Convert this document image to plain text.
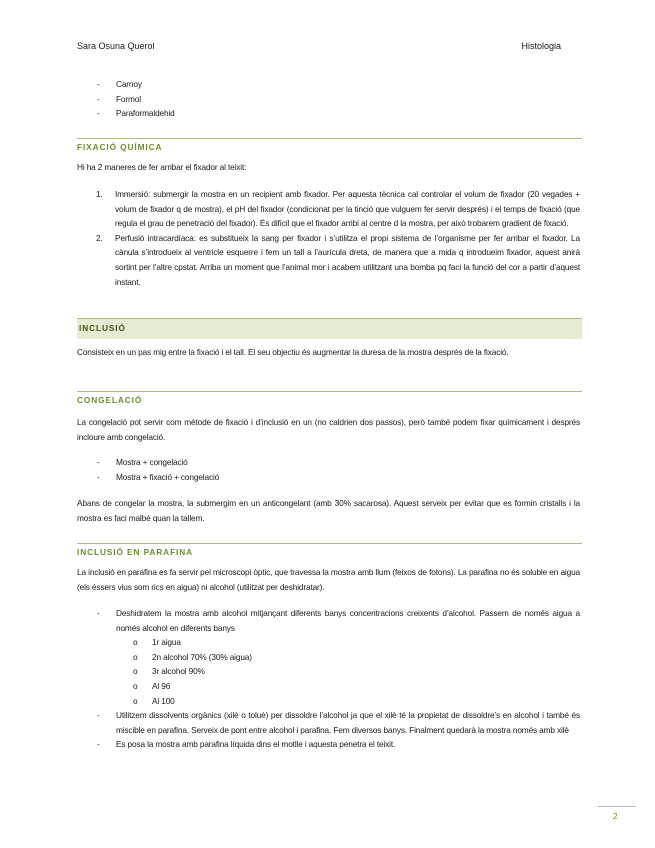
Sara Osuna Querol	Histologia
- Carnoy
- Formol
- Paraformaldehid
FIXACIÓ QUÍMICA

Hi ha 2 maneres de fer arribar el fixador al teixit:

1. Immersió: submergir la mostra en un recipient amb fixador. Per aquesta tècnica cal controlar el volum de fixador (20 vegades + volum de fixador q de mostra), el pH del fixador (condicionat per la tinció que vulguem fer servir després) i el temps de fixació (que regula el grau de penetració del fixador). És difícil que el fixador arribi al centre d la mostra, per això trobarem gradient de fixació.
2. Perfusió intracardíaca: es substitueix la sang per fixador i s’utilitza el propi sistema de l’organisme per fer arribar el fixador. La cànula s’introdueix al ventricle esquerre i fem un tall a l’aurícula dreta, de manera que a mida q introdueim fixador, aquest anirà sortint per l’altre cpstat. Arriba un moment que l’animal mor i acabem utilitzant una bomba pq faci la funció del cor a partir d’aquest instant.
INCLUSIÓ

Consisteix en un pas mig entre la fixació i el tall. El seu objectiu és augmentar la duresa de la mostra després de la fixació.

CONGELACIÓ

La congelació pot servir com mètode de fixació i d’inclusió en un (no caldrien dos passos), però també podem fixar químicament i després incloure amb congelació.

- Mostra + congelació
- Mostra + fixació + congelació

Abans de congelar la mostra, la submergim en un anticongelant (amb 30% sacarosa). Aquest serveix per evitar que es formin cristalls i la mostra es faci malbé quan la tallem.

INCLUSIÓ EN PARAFINA

La inclusió en parafina es fa servir pel microscopi òptic, que travessa la mostra amb llum (feixos de fotons). La parafina no és soluble en aigua (els éssers vius som rics en aigua) ni alcohol (utilitzat per deshidratar).

- Deshidratem la mostra amb alcohol mitjançant diferents banys concentracions creixents d’alcohol. Passem de només aigua a només alcohol en diferents banys
o 1r aigua
o 2n alcohol 70% (30% aigua)
o 3r alcohol 90%
o Al 96
o Al 100
- Utilitzem dissolvents orgànics (xilè o toluè) per dissoldre l’alcohol ja que el xilè té la propietat de dissoldre’s en alcohol i també és miscible en parafina. Serveix de pont entre alcohol i parafina. Fem diversos banys. Finalment quedarà la mostra només amb xilè
- Es posa la mostra amb parafina líquida dins el motlle i aquesta penetra el teixit.
2
